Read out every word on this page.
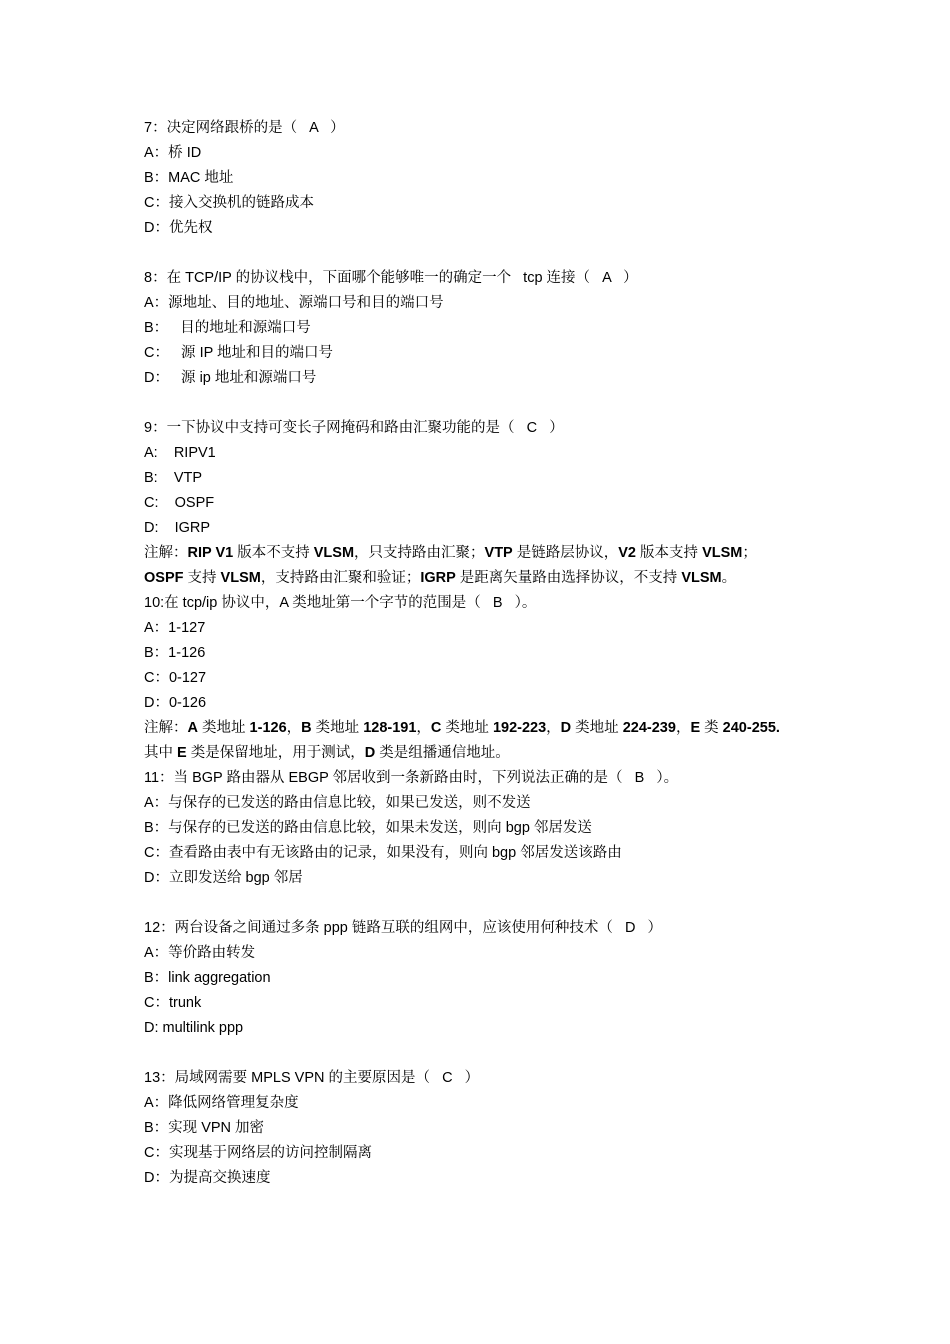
7：决定网络跟桥的是（   A   ）
A：桥 ID
B：MAC 地址
C：接入交换机的链路成本
D：优先权
8：在 TCP/IP 的协议栈中，下面哪个能够唯一的确定一个   tcp 连接（   A   ）
A：源地址、目的地址、源端口号和目的端口号
B：   目的地址和源端口号
C：   源 IP 地址和目的端口号
D：   源 ip 地址和源端口号
9：一下协议中支持可变长子网掩码和路由汇聚功能的是（   C   ）
A:    RIPV1
B:    VTP
C:    OSPF
D:    IGRP
注解：RIP V1 版本不支持 VLSM，只支持路由汇聚；VTP 是链路层协议，V2 版本支持 VLSM；
OSPF 支持 VLSM，支持路由汇聚和验证；IGRP 是距离矢量路由选择协议，不支持 VLSM。
10:在 tcp/ip 协议中，A 类地址第一个字节的范围是（   B   ）。
A：1-127
B：1-126
C：0-127
D：0-126
注解：A 类地址 1-126，B 类地址 128-191，C 类地址 192-223，D 类地址 224-239，E 类 240-255.
其中 E 类是保留地址，用于测试，D 类是组播通信地址。
11：当 BGP 路由器从 EBGP 邻居收到一条新路由时，下列说法正确的是（   B   ）。
A：与保存的已发送的路由信息比较，如果已发送，则不发送
B：与保存的已发送的路由信息比较，如果未发送，则向 bgp 邻居发送
C：查看路由表中有无该路由的记录，如果没有，则向 bgp 邻居发送该路由
D：立即发送给 bgp 邻居
12：两台设备之间通过多条 ppp 链路互联的组网中，应该使用何种技术（   D   ）
A：等价路由转发
B：link aggregation
C：trunk
D: multilink ppp
13：局域网需要 MPLS VPN 的主要原因是（   C   ）
A：降低网络管理复杂度
B：实现 VPN 加密
C：实现基于网络层的访问控制隔离
D：为提高交换速度
